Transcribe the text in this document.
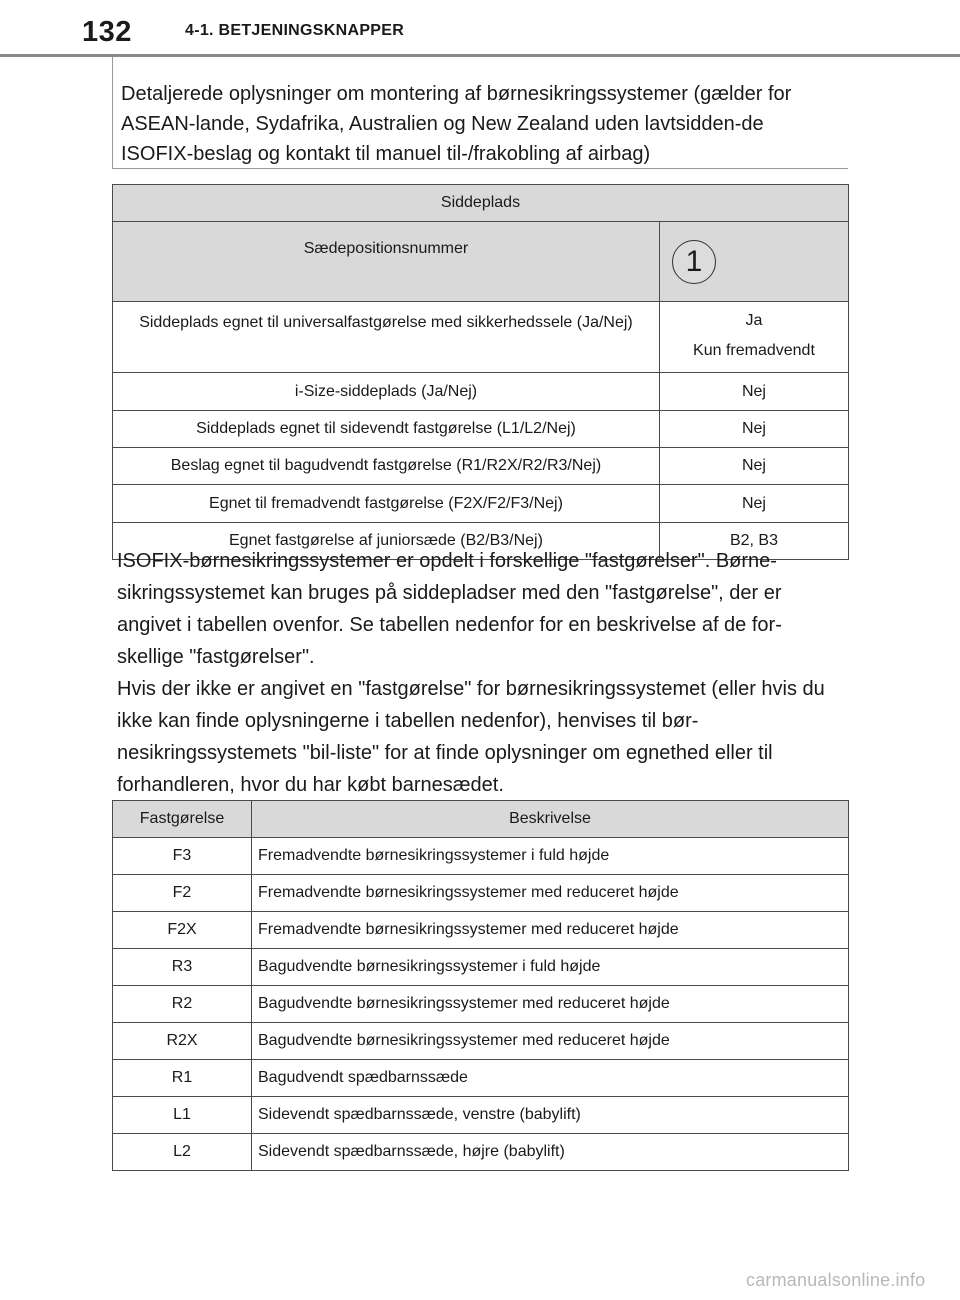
132	4-1. BETJENINGSKNAPPER
Detaljerede oplysninger om montering af børnesikringssystemer (gælder for ASEAN-lande, Sydafrika, Australien og New Zealand uden lavtsidden-de ISOFIX-beslag og kontakt til manuel til-/frakobling af airbag)
Siddeplads	
Sædepositionsnummer	1
Siddeplads egnet til universalfastgørelse med sikkerhedssele (Ja/Nej)	Ja
Kun fremadvendt

i-Size-siddeplads (Ja/Nej)	Nej
Siddeplads egnet til sidevendt fastgørelse (L1/L2/Nej)	Nej
Beslag egnet til bagudvendt fastgørelse (R1/R2X/R2/R3/Nej)	Nej
Egnet til fremadvendt fastgørelse (F2X/F2/F3/Nej)	Nej
Egnet fastgørelse af juniorsæde (B2/B3/Nej)	B2, B3

ISOFIX-børnesikringssystemer er opdelt i forskellige "fastgørelser". Børne-sikringssystemet kan bruges på siddepladser med den "fastgørelse", der er angivet i tabellen ovenfor. Se tabellen nedenfor for en beskrivelse af de for-skellige "fastgørelser".

Hvis der ikke er angivet en "fastgørelse" for børnesikringssystemet (eller hvis du ikke kan finde oplysningerne i tabellen nedenfor), henvises til bør-nesikringssystemets "bil-liste" for at finde oplysninger om egnethed eller til forhandleren, hvor du har købt barnesædet.

Fastgørelse	Beskrivelse
F3	Fremadvendte børnesikringssystemer i fuld højde
F2	Fremadvendte børnesikringssystemer med reduceret højde
F2X	Fremadvendte børnesikringssystemer med reduceret højde
R3	Bagudvendte børnesikringssystemer i fuld højde
R2	Bagudvendte børnesikringssystemer med reduceret højde
R2X	Bagudvendte børnesikringssystemer med reduceret højde
R1	Bagudvendt spædbarnssæde
L1	Sidevendt spædbarnssæde, venstre (babylift)
L2	Sidevendt spædbarnssæde, højre (babylift)
carmanualsonline.info
